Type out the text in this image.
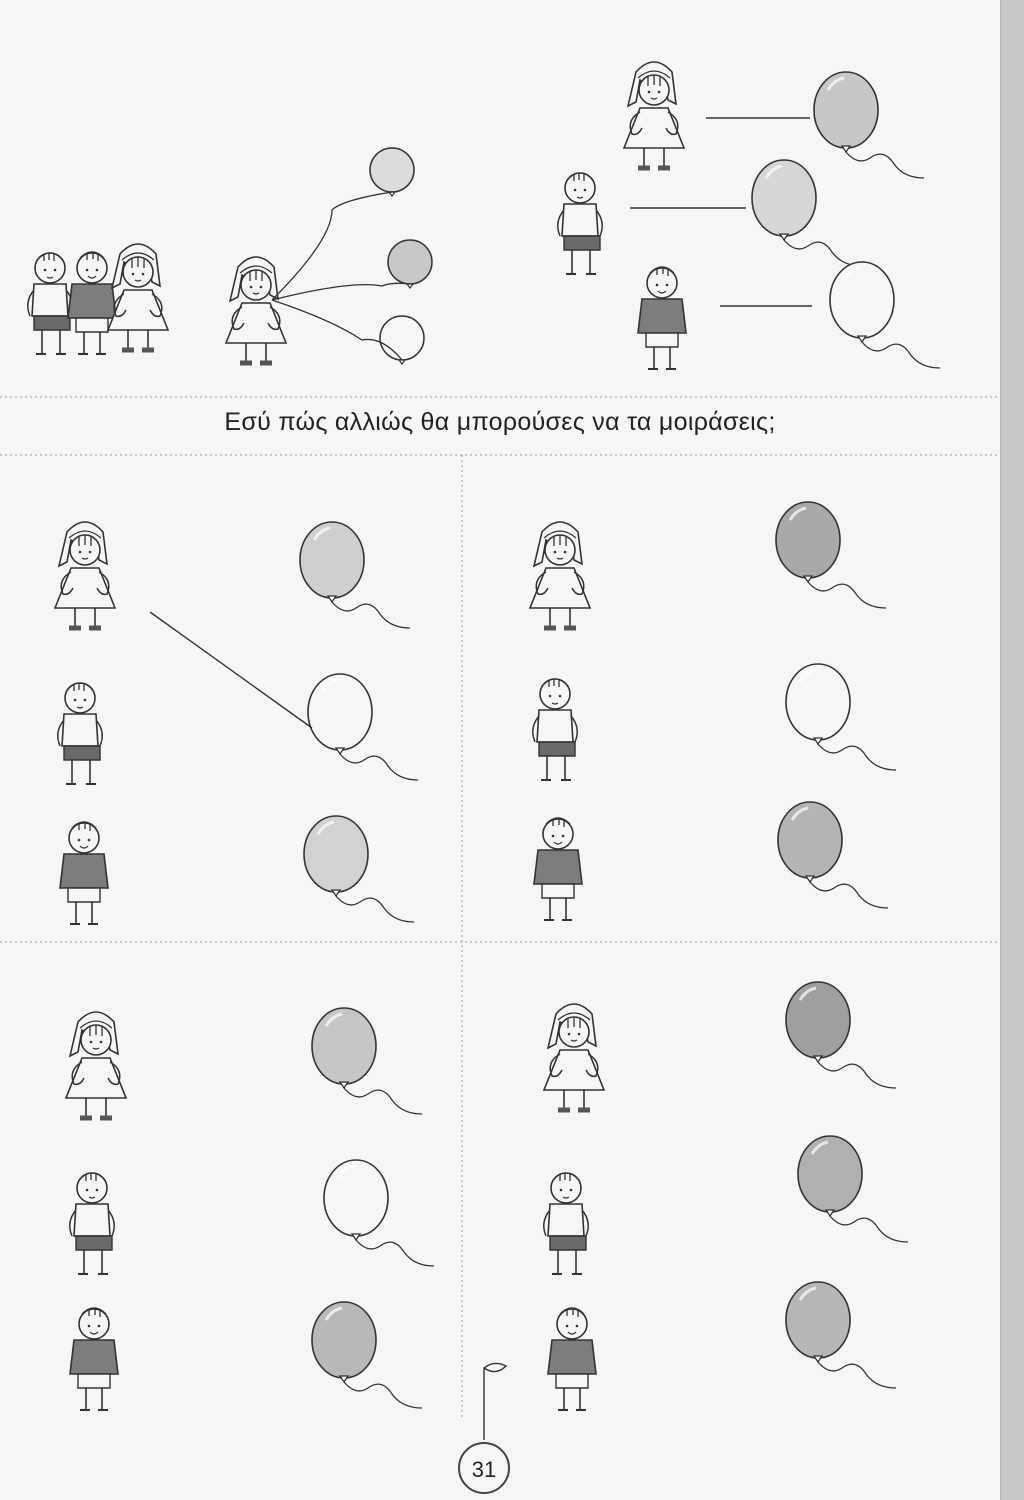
Εσύ πώς αλλιώς θα μπορούσες να τα μοιράσεις;
31
